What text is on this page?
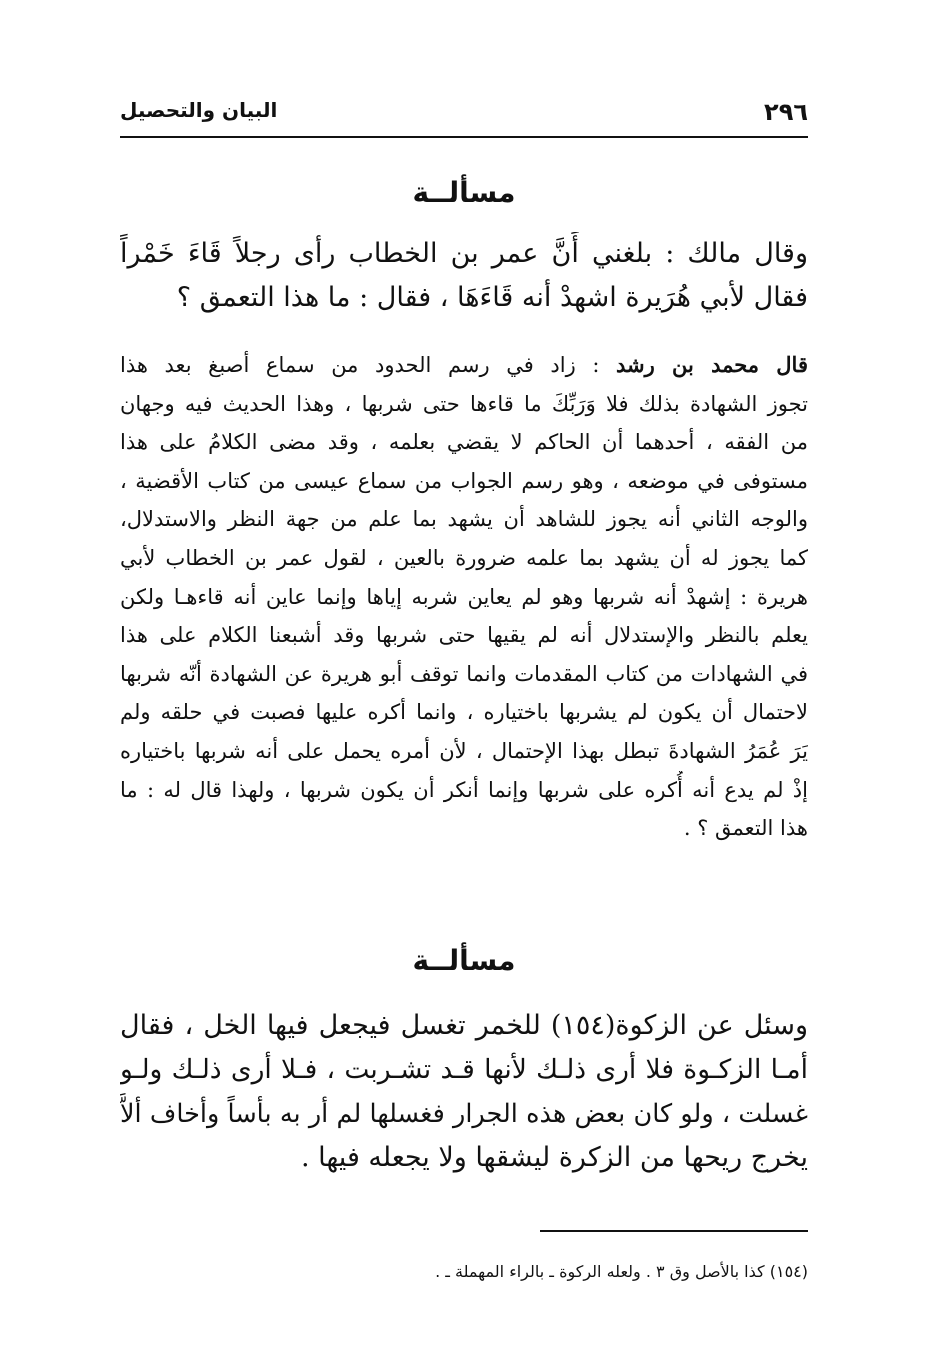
٢٩٦
البيان والتحصيل
مسألــة
وقال مالك : بلغني أَنَّ عمر بن الخطاب رأى رجلاً قَاءَ خَمْراً
فقال لأبي هُرَيرة اشهدْ أنه قَاءَهَا ، فقال : ما هذا التعمق ؟
قال محمد بن رشد : زاد في رسم الحدود من سماع أصبغ بعد هذا
تجوز الشهادة بذلك فلا وَرَبِّكَ ما قاءها حتى شربها ، وهذا الحديث فيه وجهان
من الفقه ، أحدهما أن الحاكم لا يقضي بعلمه ، وقد مضى الكلامُ على هذا
مستوفى في موضعه ، وهو رسم الجواب من سماع عيسى من كتاب الأقضية ،
والوجه الثاني أنه يجوز للشاهد أن يشهد بما علم من جهة النظر والاستدلال،
كما يجوز له أن يشهد بما علمه ضرورة بالعين ، لقول عمر بن الخطاب لأبي
هريرة : إشهدْ أنه شربها وهو لم يعاين شربه إياها وإنما عاين أنه قاءهـا ولكن
يعلم بالنظر والإستدلال أنه لم يقيها حتى شربها وقد أشبعنا الكلام على هذا
في الشهادات من كتاب المقدمات وانما توقف أبو هريرة عن الشهادة أنّه شربها
لاحتمال أن يكون لم يشربها باختياره ، وانما أكره عليها فصبت في حلقه ولم
يَرَ عُمَرُ الشهادةَ تبطل بهذا الإحتمال ، لأن أمره يحمل على أنه شربها باختياره
إذْ لم يدع أنه أُكره على شربها وإنما أنكر أن يكون شربها ، ولهذا قال له : ما
هذا التعمق ؟ .
مسألــة
وسئل عن الزكوة(١٥٤) للخمر تغسل فيجعل فيها الخل ، فقال
أمـا الزكـوة فلا أرى ذلـك لأنها قـد تشـربت ، فـلا أرى ذلـك ولـو
غسلت ، ولو كان بعض هذه الجرار فغسلها لم أر به بأساً وأخاف ألاَّ
يخرج ريحها من الزكرة ليشقها ولا يجعله فيها .
(١٥٤) كذا بالأصل وق ٣ . ولعله الركوة ـ بالراء المهملة ـ .
